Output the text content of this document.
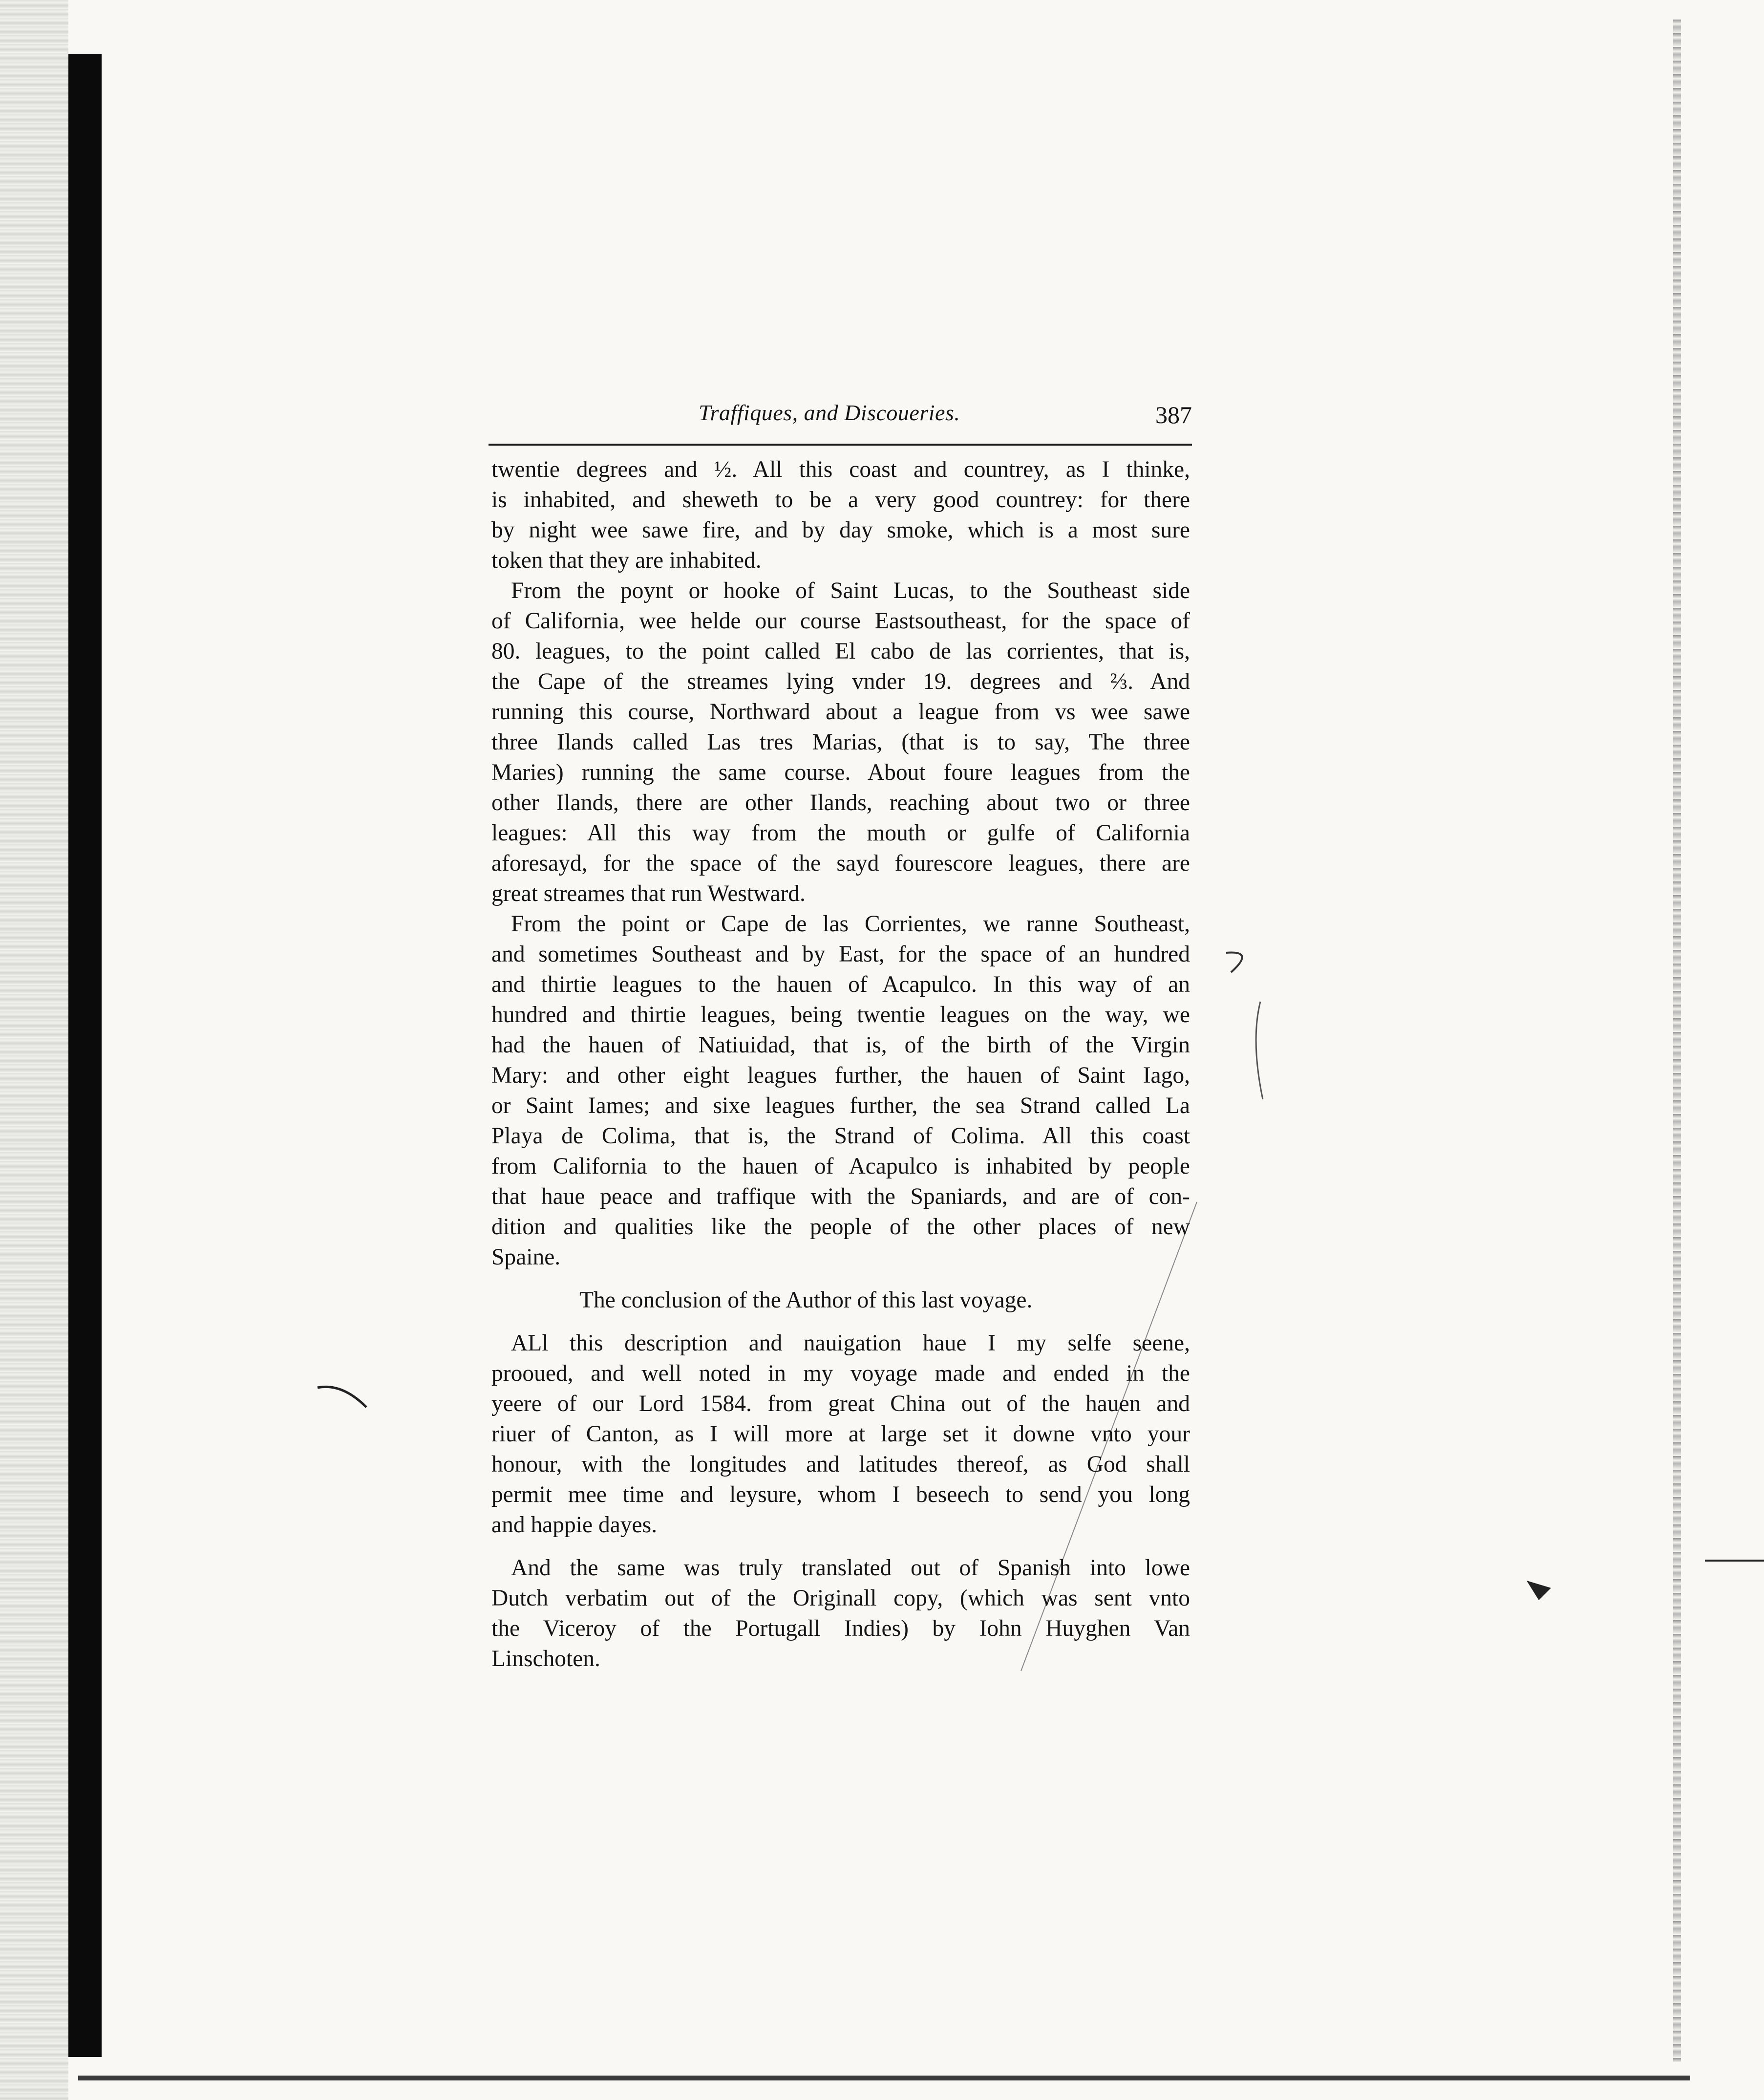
Traffiques, and Discoueries.	387

twentie degrees and ½. All this coast and countrey, as I thinke,
is inhabited, and sheweth to be a very good countrey: for there
by night wee sawe fire, and by day smoke, which is a most sure
token that they are inhabited.

From the poynt or hooke of Saint Lucas, to the Southeast side
of California, wee helde our course Eastsoutheast, for the space of
80. leagues, to the point called El cabo de las corrientes, that is,
the Cape of the streames lying vnder 19. degrees and ⅔. And
running this course, Northward about a league from vs wee sawe
three Ilands called Las tres Marias, (that is to say, The three
Maries) running the same course. About foure leagues from the
other Ilands, there are other Ilands, reaching about two or three
leagues: All this way from the mouth or gulfe of California
aforesayd, for the space of the sayd fourescore leagues, there are
great streames that run Westward.

From the point or Cape de las Corrientes, we ranne Southeast,
and sometimes Southeast and by East, for the space of an hundred
and thirtie leagues to the hauen of Acapulco. In this way of an
hundred and thirtie leagues, being twentie leagues on the way, we
had the hauen of Natiuidad, that is, of the birth of the Virgin
Mary: and other eight leagues further, the hauen of Saint Iago,
or Saint Iames; and sixe leagues further, the sea Strand called La
Playa de Colima, that is, the Strand of Colima. All this coast
from California to the hauen of Acapulco is inhabited by people
that haue peace and traffique with the Spaniards, and are of con-
dition and qualities like the people of the other places of new
Spaine.

The conclusion of the Author of this last voyage.

ALl this description and nauigation haue I my selfe seene,
prooued, and well noted in my voyage made and ended in the
yeere of our Lord 1584. from great China out of the hauen and
riuer of Canton, as I will more at large set it downe vnto your
honour, with the longitudes and latitudes thereof, as God shall
permit mee time and leysure, whom I beseech to send you long
and happie dayes.

And the same was truly translated out of Spanish into lowe
Dutch verbatim out of the Originall copy, (which was sent vnto
the Viceroy of the Portugall Indies) by Iohn Huyghen Van
Linschoten.
